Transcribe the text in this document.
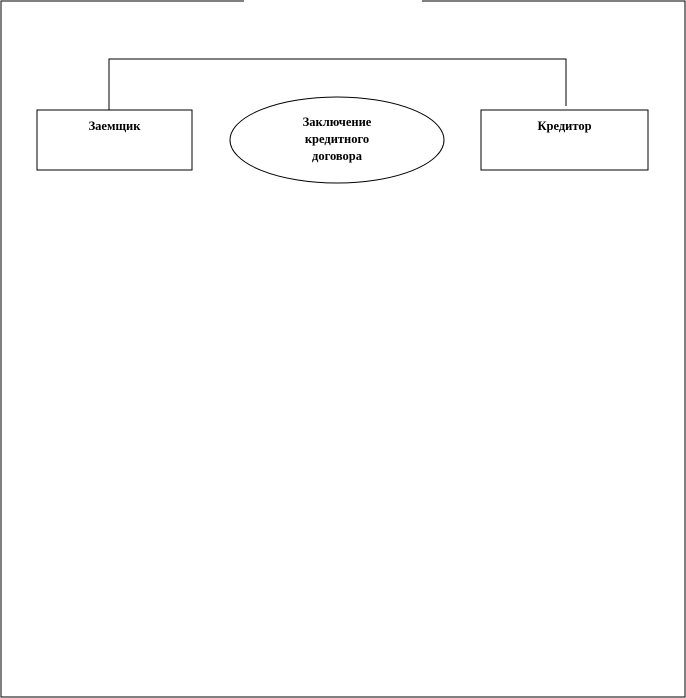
Заемщик	Заключение
кредитного
договора
Кредитор
